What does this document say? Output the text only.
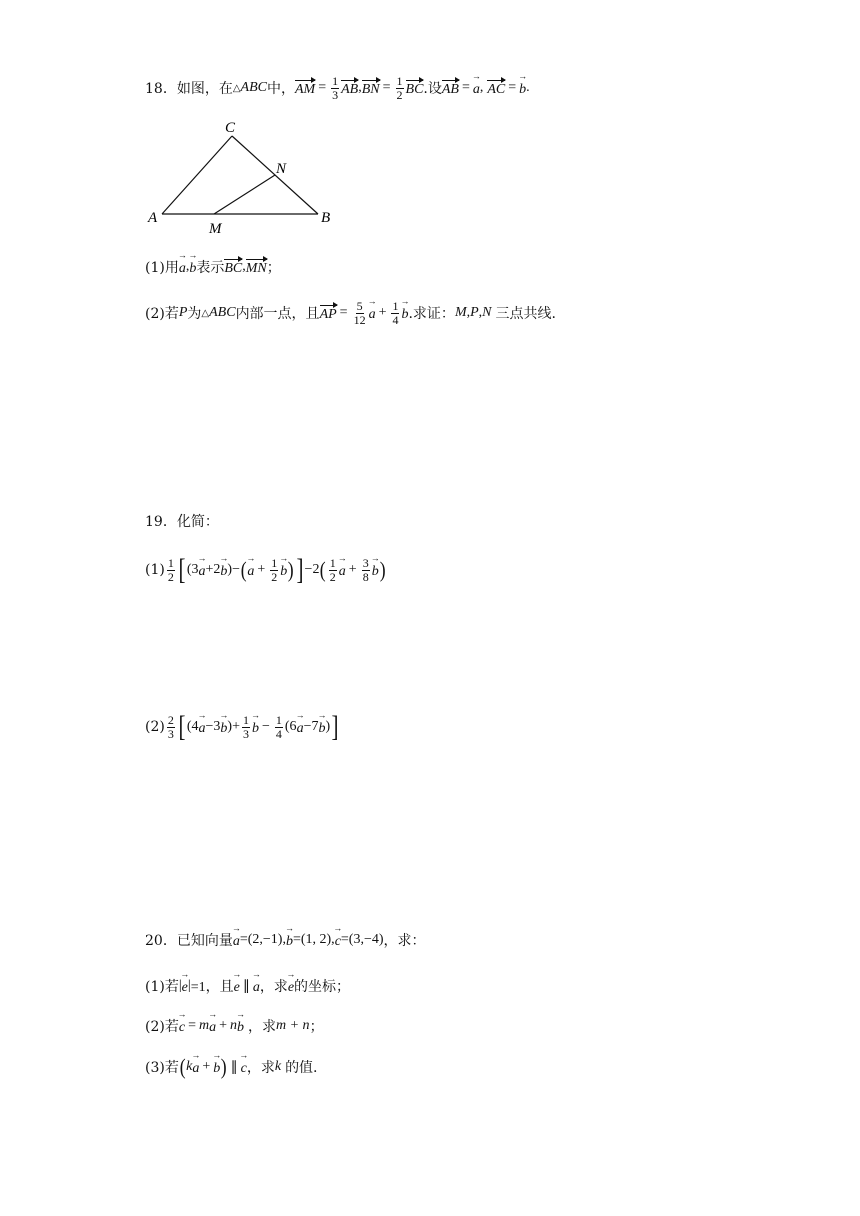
18． 如图，在 △ ABC 中， AM = $\frac{1}{3}$ AB , BN = $\frac{1}{2}$ BC .设 AB =
→ a , AC =
→ b .
C
N
A
M
B
(1)用
→ a ,
→ b 表示 BC , MN ；
(2)若 P 为 △ ABC 内部一点，且 AP = $\frac{5}{12}$
→ $a + \frac{1}{4}$
→ b .求证： M , P , N 三点共线.
19． 化简：
$(1) \frac{1}{2}$ [ (3
→ a +2
→ b )− (
→ $a + \frac{1}{2}$
→ b ) ] −2 ( $\frac{1}{2}$
→ $a + \frac{3}{8}$
→ b )
$(2) \frac{2}{3}$ [ (4
→ a −3
→ b )+ $\frac{1}{3}$
→ $b - \frac{1}{4} (6$
→ a −7
→ b ) ]
20． 已知向量
→ a =(2,−1),
→ b =(1, 2),
→ c =(3,−4) ，求：
(1)若 |
→ e | =1，且
→ e ∥
→ a ，求
→ e 的坐标；
(2)若
→ c = m
→ a + n
→ b ，求 m + n ；
(3)若 ( k
→ a +
→ b ) ∥
→ c ，求 k 的值.
